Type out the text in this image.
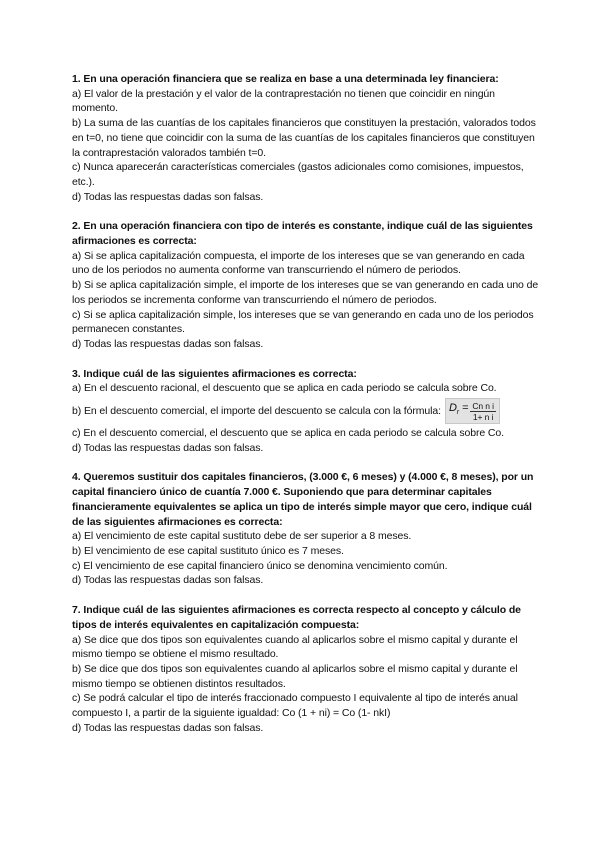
1. En una operación financiera que se realiza en base a una determinada ley financiera:

a) El valor de la prestación y el valor de la contraprestación no tienen que coincidir en ningún momento.

b) La suma de las cuantías de los capitales financieros que constituyen la prestación, valorados todos en t=0, no tiene que coincidir con la suma de las cuantías de los capitales financieros que constituyen la contraprestación valorados también t=0.

c) Nunca aparecerán características comerciales (gastos adicionales como comisiones, impuestos, etc.).

d) Todas las respuestas dadas son falsas.

2. En una operación financiera con tipo de interés es constante, indique cuál de las siguientes afirmaciones es correcta:

a) Si se aplica capitalización compuesta, el importe de los intereses que se van generando en cada uno de los periodos no aumenta conforme van transcurriendo el número de periodos.

b) Si se aplica capitalización simple, el importe de los intereses que se van generando en cada uno de los periodos se incrementa conforme van transcurriendo el número de periodos.

c) Si se aplica capitalización simple, los intereses que se van generando en cada uno de los periodos permanecen constantes.

d) Todas las respuestas dadas son falsas.

3. Indique cuál de las siguientes afirmaciones es correcta:

a) En el descuento racional, el descuento que se aplica en cada periodo se calcula sobre Co.

b) En el descuento comercial, el importe del descuento se calcula con la fórmula: $D_r = \frac{\text{Cn n i}}{\text{1+ n i}}$

c) En el descuento comercial, el descuento que se aplica en cada periodo se calcula sobre Co.

d) Todas las respuestas dadas son falsas.

4. Queremos sustituir dos capitales financieros, (3.000 €, 6 meses) y (4.000 €, 8 meses), por un capital financiero único de cuantía 7.000 €. Suponiendo que para determinar capitales financieramente equivalentes se aplica un tipo de interés simple mayor que cero, indique cuál de las siguientes afirmaciones es correcta:

a) El vencimiento de este capital sustituto debe de ser superior a 8 meses.

b) El vencimiento de ese capital sustituto único es 7 meses.

c) El vencimiento de ese capital financiero único se denomina vencimiento común.

d) Todas las respuestas dadas son falsas.

7. Indique cuál de las siguientes afirmaciones es correcta respecto al concepto y cálculo de tipos de interés equivalentes en capitalización compuesta:

a) Se dice que dos tipos son equivalentes cuando al aplicarlos sobre el mismo capital y durante el mismo tiempo se obtiene el mismo resultado.

b) Se dice que dos tipos son equivalentes cuando al aplicarlos sobre el mismo capital y durante el mismo tiempo se obtienen distintos resultados.

c) Se podrá calcular el tipo de interés fraccionado compuesto I equivalente al tipo de interés anual compuesto I, a partir de la siguiente igualdad: Co (1 + ni) = Co (1- nkI)

d) Todas las respuestas dadas son falsas.
